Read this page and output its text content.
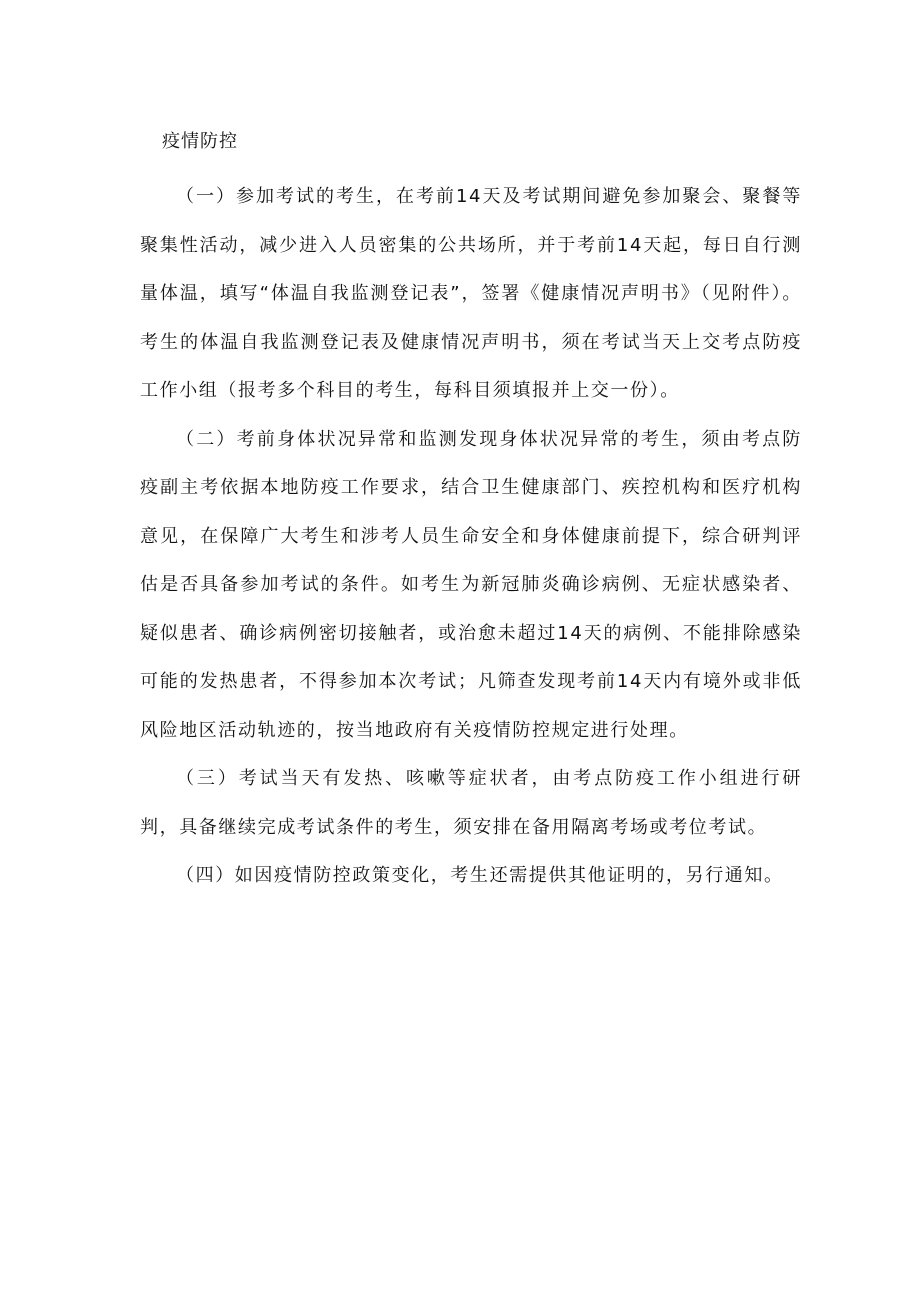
疫情防控

（一）参加考试的考生，在考前14天及考试期间避免参加聚会、聚餐等聚集性活动，减少进入人员密集的公共场所，并于考前14天起，每日自行测量体温，填写“体温自我监测登记表”，签署《健康情况声明书》（见附件）。考生的体温自我监测登记表及健康情况声明书，须在考试当天上交考点防疫工作小组（报考多个科目的考生，每科目须填报并上交一份）。

（二）考前身体状况异常和监测发现身体状况异常的考生，须由考点防疫副主考依据本地防疫工作要求，结合卫生健康部门、疾控机构和医疗机构意见，在保障广大考生和涉考人员生命安全和身体健康前提下，综合研判评估是否具备参加考试的条件。如考生为新冠肺炎确诊病例、无症状感染者、疑似患者、确诊病例密切接触者，或治愈未超过14天的病例、不能排除感染可能的发热患者，不得参加本次考试；凡筛查发现考前14天内有境外或非低风险地区活动轨迹的，按当地政府有关疫情防控规定进行处理。

（三）考试当天有发热、咳嗽等症状者，由考点防疫工作小组进行研判，具备继续完成考试条件的考生，须安排在备用隔离考场或考位考试。

（四）如因疫情防控政策变化，考生还需提供其他证明的，另行通知。
